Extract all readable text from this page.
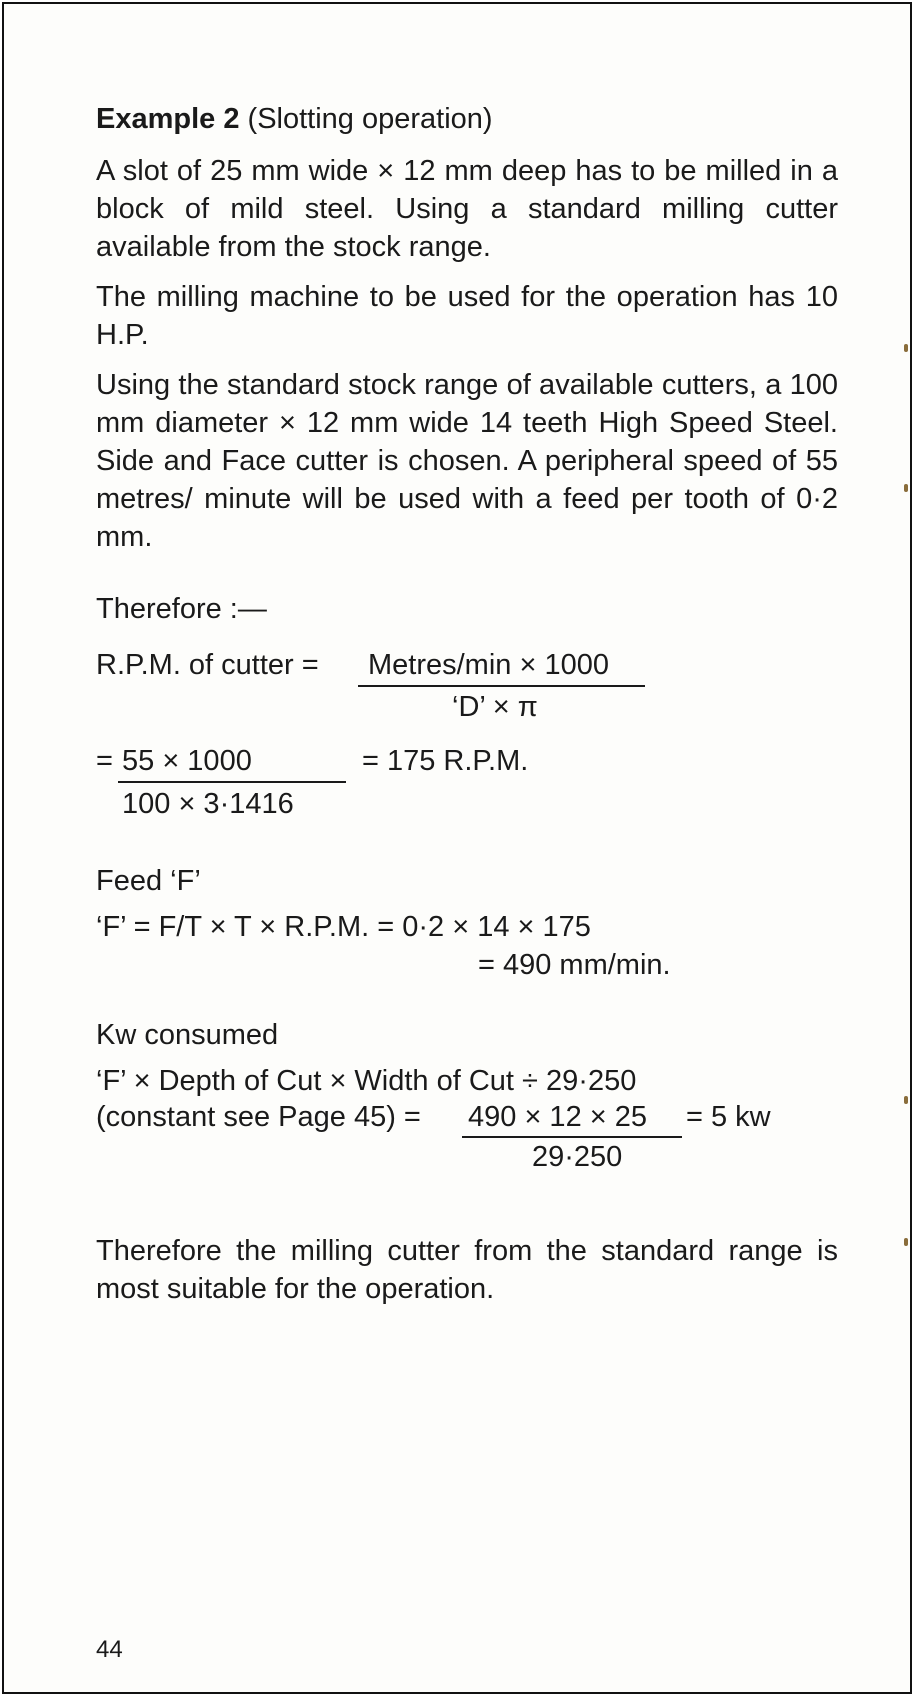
Example 2 (Slotting operation)

A slot of 25 mm wide × 12 mm deep has to be milled in a block of mild steel. Using a standard milling cutter available from the stock range.

The milling machine to be used for the operation has 10 H.P.

Using the standard stock range of available cutters, a 100 mm diameter × 12 mm wide 14 teeth High Speed Steel. Side and Face cutter is chosen. A peripheral speed of 55 metres/ minute will be used with a feed per tooth of 0·2 mm.

Therefore :—
R.P.M. of cutter = Metres/min × 1000
‘D’ × π
= 55 × 1000
100 × 3·1416
= 175 R.P.M.
Feed ‘F’
‘F’ = F/T × T × R.P.M. = 0·2 × 14 × 175
= 490 mm/min.
Kw consumed
‘F’ × Depth of Cut × Width of Cut ÷ 29·250
(constant see Page 45) = 490 × 12 × 25 = 5 kw
29·250

Therefore the milling cutter from the standard range is most suitable for the operation.

44
